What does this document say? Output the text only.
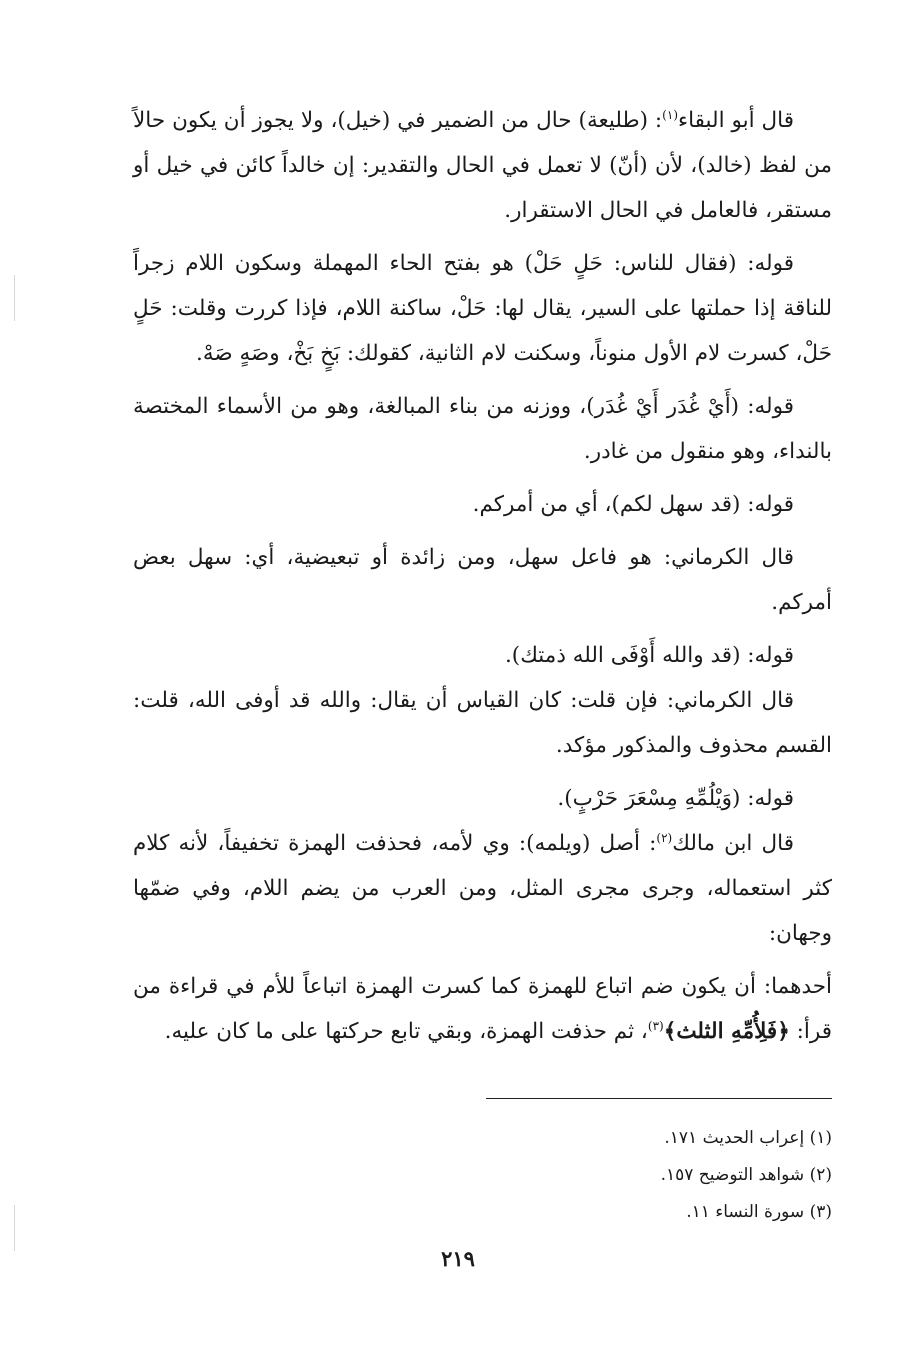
قال أبو البقاء$^{(١)}$: (طليعة) حال من الضمير في (خيل)، ولا يجوز أن يكون حالاً من لفظ (خالد)، لأن (أنّ) لا تعمل في الحال والتقدير: إن خالداً كائن في خيل أو مستقر، فالعامل في الحال الاستقرار.

قوله: (فقال للناس: حَلٍ حَلْ) هو بفتح الحاء المهملة وسكون اللام زجراً للناقة إذا حملتها على السير، يقال لها: حَلْ، ساكنة اللام، فإذا كررت وقلت: حَلٍ حَلْ، كسرت لام الأول منوناً، وسكنت لام الثانية، كقولك: بَخٍ بَخْ، وصَهٍ صَهْ.

قوله: (أَيْ غُدَر أَيْ غُدَر)، ووزنه من بناء المبالغة، وهو من الأسماء المختصة بالنداء، وهو منقول من غادر.

قوله: (قد سهل لكم)، أي من أمركم.

قال الكرماني: هو فاعل سهل، ومن زائدة أو تبعيضية، أي: سهل بعض أمركم.

قوله: (قد والله أَوْفَى الله ذمتك).

قال الكرماني: فإن قلت: كان القياس أن يقال: والله قد أوفى الله، قلت: القسم محذوف والمذكور مؤكد.

قوله: (وَيْلُمِّهِ مِسْعَرَ حَرْبٍ).

قال ابن مالك$^{(٢)}$: أصل (ويلمه): وي لأمه، فحذفت الهمزة تخفيفاً، لأنه كلام كثر استعماله، وجرى مجرى المثل، ومن العرب من يضم اللام، وفي ضمّها وجهان:

أحدهما: أن يكون ضم اتباع للهمزة كما كسرت الهمزة اتباعاً للأم في قراءة من قرأ: ﴿فَلِأُمِّهِ الثلث﴾$^{(٣)}$، ثم حذفت الهمزة، وبقي تابع حركتها على ما كان عليه.

(١) إعراب الحديث ١٧١.

(٢) شواهد التوضيح ١٥٧.

(٣) سورة النساء ١١.

٢١٩
